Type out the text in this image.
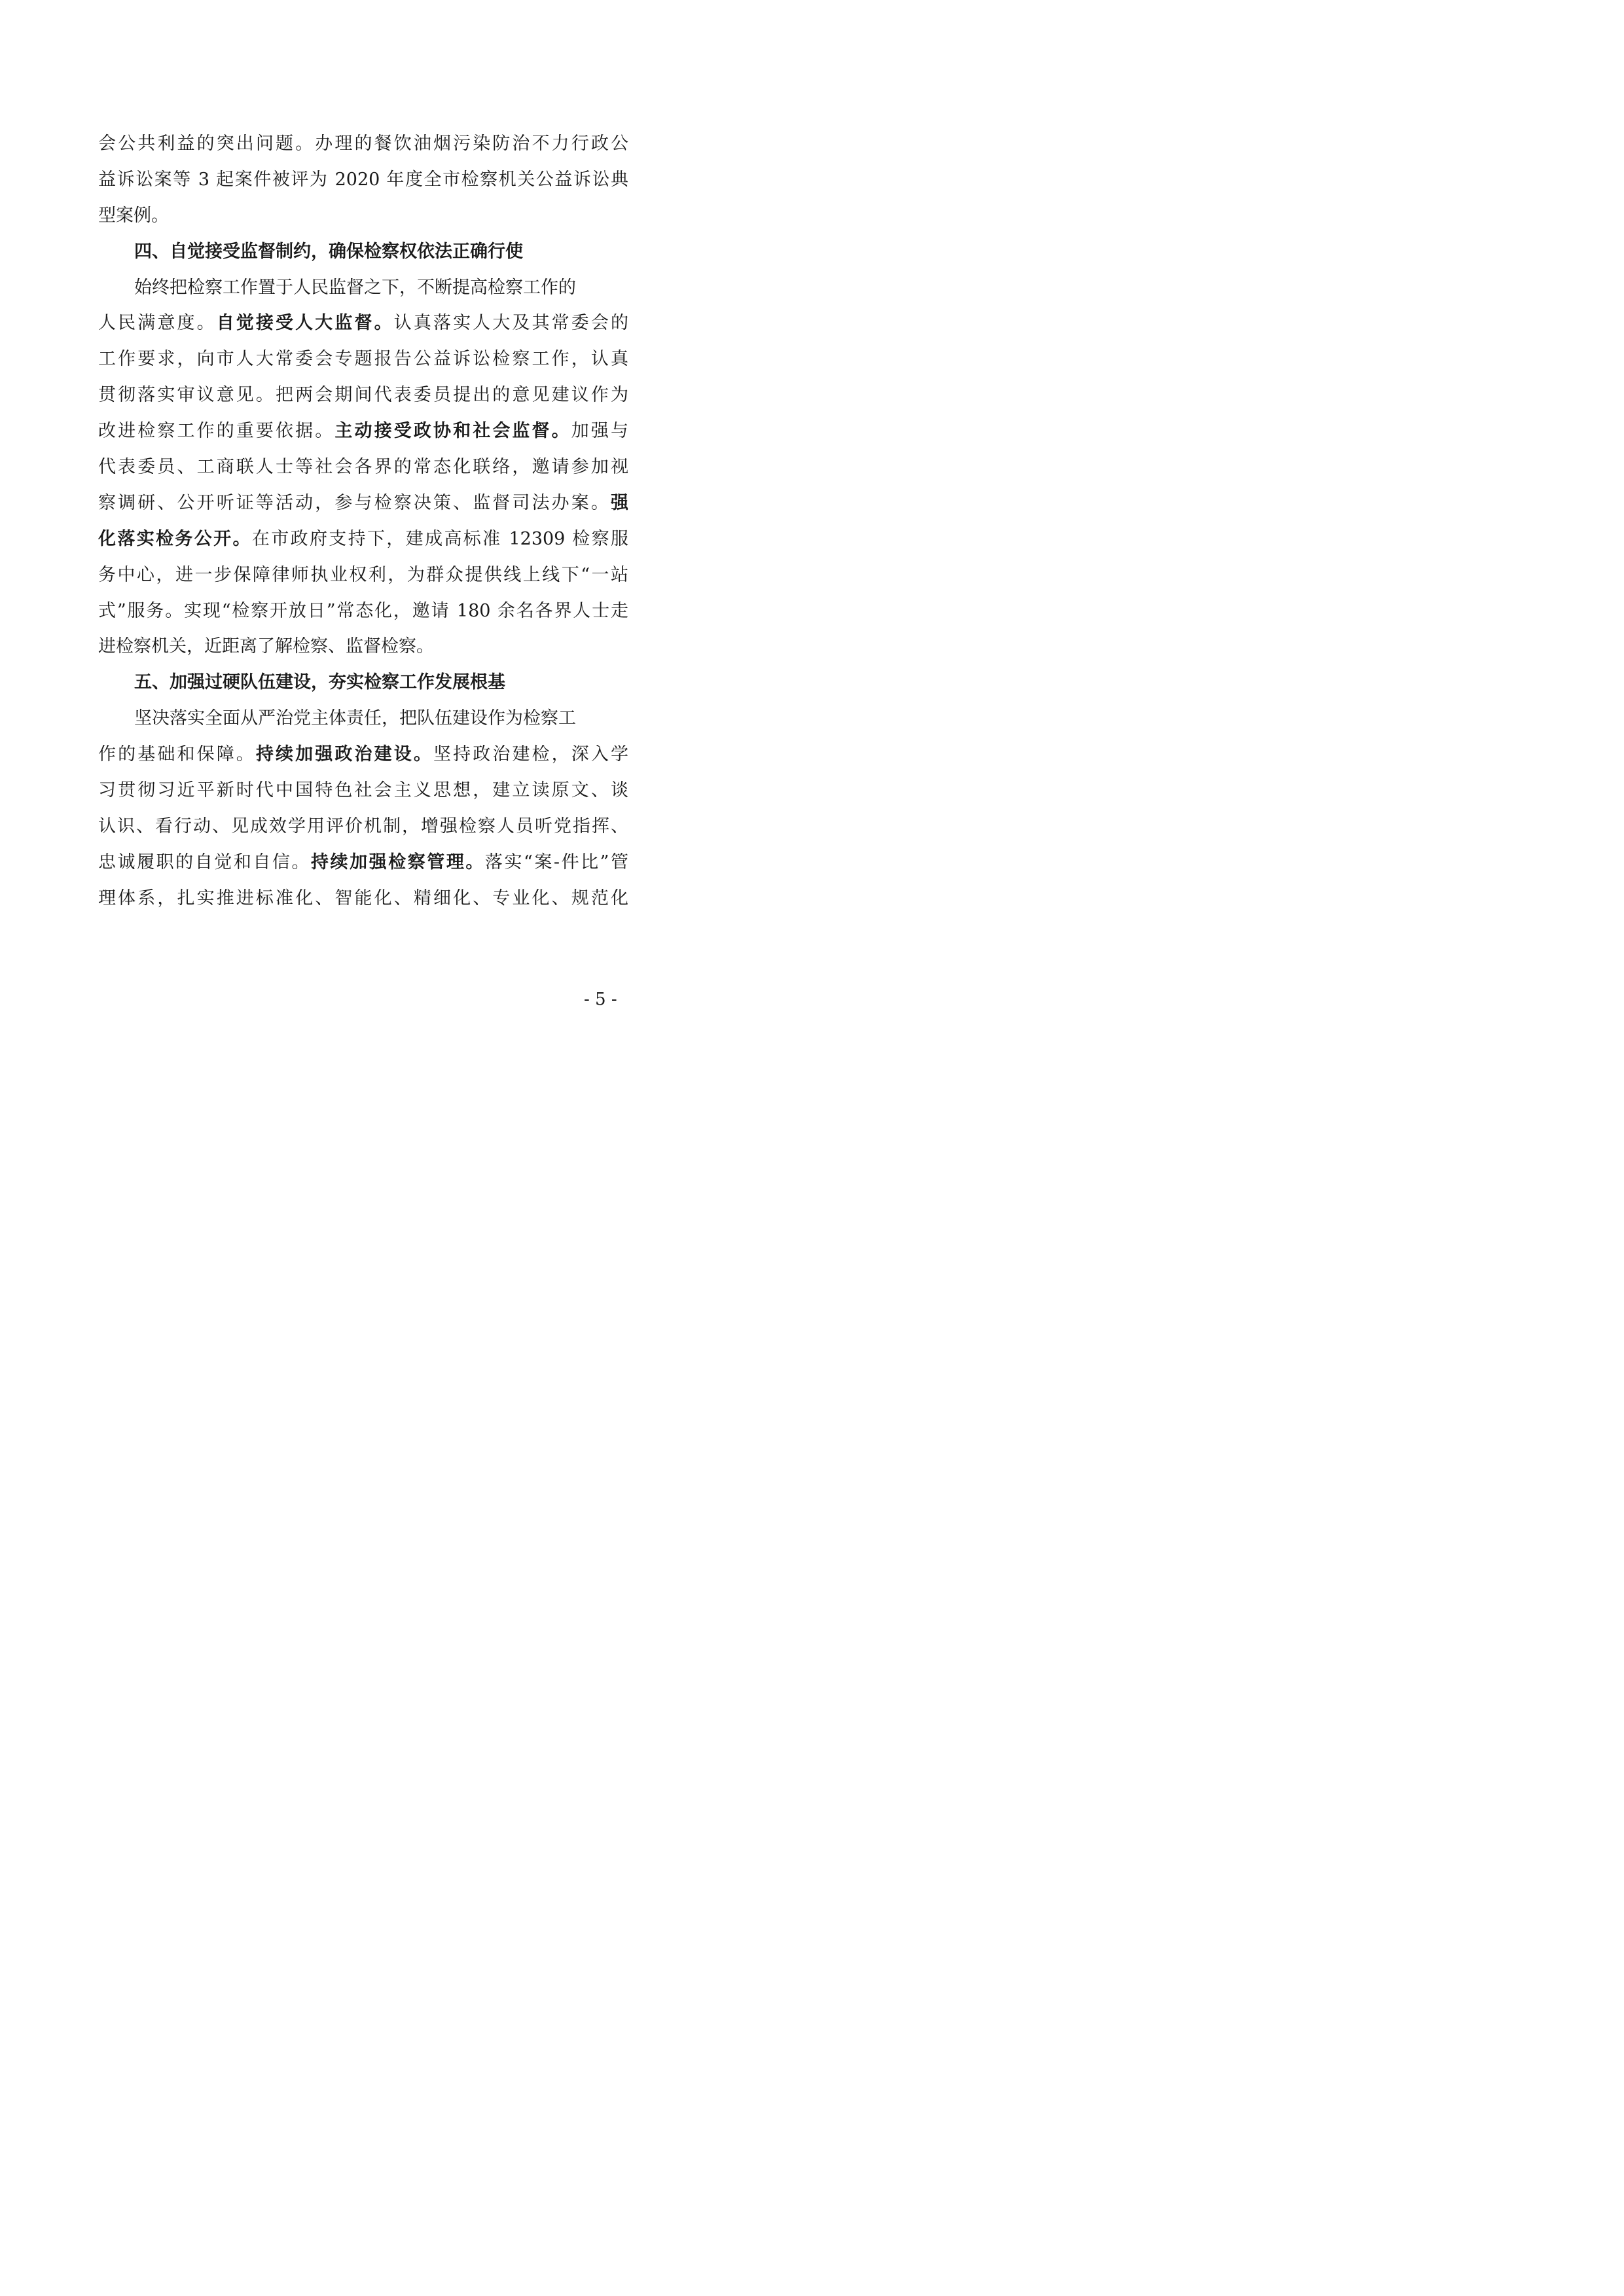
会公共利益的突出问题。办理的餐饮油烟污染防治不力行政公
益诉讼案等 3 起案件被评为 2020 年度全市检察机关公益诉讼典
型案例。
四、自觉接受监督制约，确保检察权依法正确行使
始终把检察工作置于人民监督之下，不断提高检察工作的
人民满意度。自觉接受人大监督。认真落实人大及其常委会的
工作要求，向市人大常委会专题报告公益诉讼检察工作，认真
贯彻落实审议意见。把两会期间代表委员提出的意见建议作为
改进检察工作的重要依据。主动接受政协和社会监督。加强与
代表委员、工商联人士等社会各界的常态化联络，邀请参加视
察调研、公开听证等活动，参与检察决策、监督司法办案。强
化落实检务公开。在市政府支持下，建成高标准 12309 检察服
务中心，进一步保障律师执业权利，为群众提供线上线下“一站
式”服务。实现“检察开放日”常态化，邀请 180 余名各界人士走
进检察机关，近距离了解检察、监督检察。
五、加强过硬队伍建设，夯实检察工作发展根基
坚决落实全面从严治党主体责任，把队伍建设作为检察工
作的基础和保障。持续加强政治建设。坚持政治建检，深入学
习贯彻习近平新时代中国特色社会主义思想，建立读原文、谈
认识、看行动、见成效学用评价机制，增强检察人员听党指挥、
忠诚履职的自觉和自信。持续加强检察管理。落实“案-件比”管
理体系，扎实推进标准化、智能化、精细化、专业化、规范化
- 5 -
